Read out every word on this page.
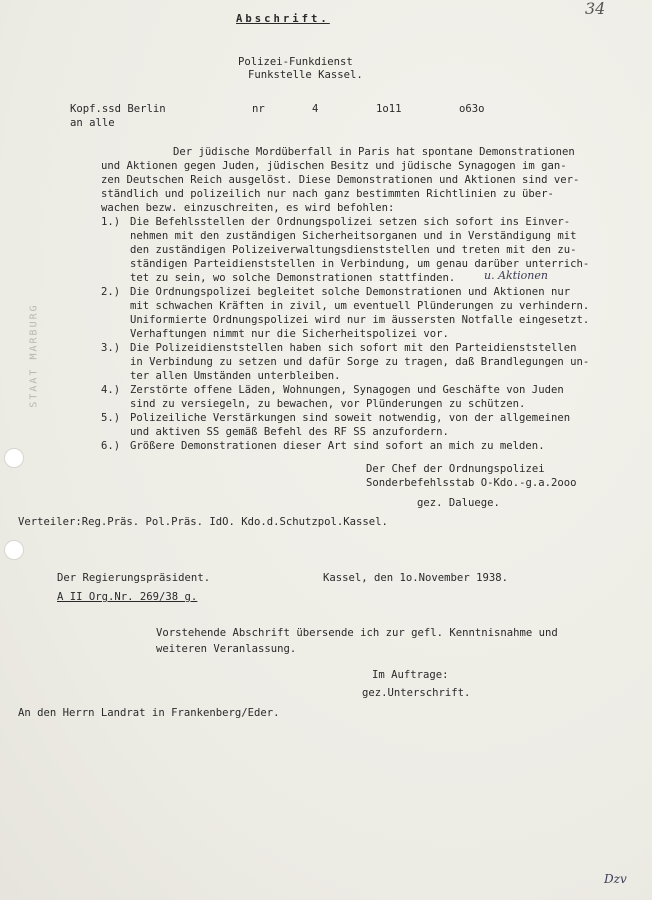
STAAT MARBURG
34
Abschrift.
Polizei-Funkdienst
Funkstelle Kassel.
Kopf.ssd Berlin	nr	4	1o11	o63o
an alle
Der jüdische Mordüberfall in Paris hat spontane Demonstrationen
und Aktionen gegen Juden, jüdischen Besitz und jüdische Synagogen im gan-
zen Deutschen Reich ausgelöst. Diese Demonstrationen und Aktionen sind ver-
ständlich und polizeilich nur nach ganz bestimmten Richtlinien zu über-
wachen bezw. einzuschreiten, es wird befohlen:
1.) Die Befehlsstellen der Ordnungspolizei setzen sich sofort ins Einver-
nehmen mit den zuständigen Sicherheitsorganen und in Verständigung mit
den zuständigen Polizeiverwaltungsdienststellen und treten mit den zu-
ständigen Parteidienststellen in Verbindung, um genau darüber unterrich-
tet zu sein, wo solche Demonstrationen stattfinden.	u. Aktionen
2.) Die Ordnungspolizei begleitet solche Demonstrationen und Aktionen nur
mit schwachen Kräften in zivil, um eventuell Plünderungen zu verhindern.
Uniformierte Ordnungspolizei wird nur im äussersten Notfalle eingesetzt.
Verhaftungen nimmt nur die Sicherheitspolizei vor.
3.) Die Polizeidienststellen haben sich sofort mit den Parteidienststellen
in Verbindung zu setzen und dafür Sorge zu tragen, daß Brandlegungen un-
ter allen Umständen unterbleiben.
4.) Zerstörte offene Läden, Wohnungen, Synagogen und Geschäfte von Juden
sind zu versiegeln, zu bewachen, vor Plünderungen zu schützen.
5.) Polizeiliche Verstärkungen sind soweit notwendig, von der allgemeinen
und aktiven SS gemäß Befehl des RF SS anzufordern.
6.) Größere Demonstrationen dieser Art sind sofort an mich zu melden.
Der Chef der Ordnungspolizei
Sonderbefehlsstab O-Kdo.-g.a.2ooo
gez. Daluege.
Verteiler:Reg.Präs. Pol.Präs. IdO. Kdo.d.Schutzpol.Kassel.
Der Regierungspräsident.	Kassel, den 1o.November 1938.
A II Org.Nr. 269/38 g.
Vorstehende Abschrift übersende ich zur gefl. Kenntnisnahme und
weiteren Veranlassung.
Im Auftrage:
gez.Unterschrift.
An den Herrn Landrat in Frankenberg/Eder.
Dzv
